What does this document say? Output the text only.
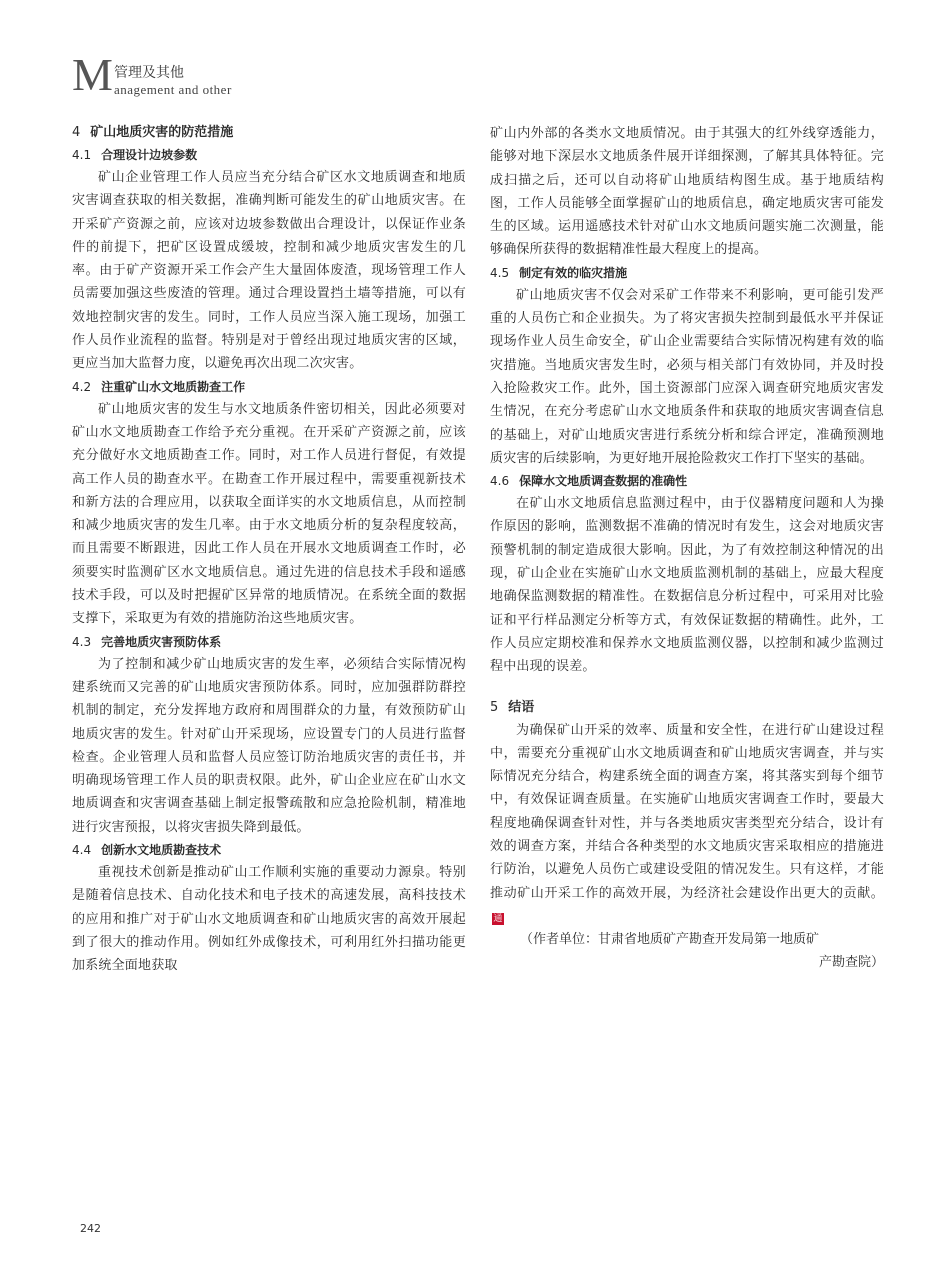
M 管理及其他
anagement and other

4 矿山地质灾害的防范措施

4.1 合理设计边坡参数

矿山企业管理工作人员应当充分结合矿区水文地质调查和地质灾害调查获取的相关数据，准确判断可能发生的矿山地质灾害。在开采矿产资源之前，应该对边坡参数做出合理设计，以保证作业条件的前提下，把矿区设置成缓坡，控制和减少地质灾害发生的几率。由于矿产资源开采工作会产生大量固体废渣，现场管理工作人员需要加强这些废渣的管理。通过合理设置挡土墙等措施，可以有效地控制灾害的发生。同时，工作人员应当深入施工现场，加强工作人员作业流程的监督。特别是对于曾经出现过地质灾害的区域，更应当加大监督力度，以避免再次出现二次灾害。

4.2 注重矿山水文地质勘查工作

矿山地质灾害的发生与水文地质条件密切相关，因此必须要对矿山水文地质勘查工作给予充分重视。在开采矿产资源之前，应该充分做好水文地质勘查工作。同时，对工作人员进行督促，有效提高工作人员的勘查水平。在勘查工作开展过程中，需要重视新技术和新方法的合理应用，以获取全面详实的水文地质信息，从而控制和减少地质灾害的发生几率。由于水文地质分析的复杂程度较高，而且需要不断跟进，因此工作人员在开展水文地质调查工作时，必须要实时监测矿区水文地质信息。通过先进的信息技术手段和遥感技术手段，可以及时把握矿区异常的地质情况。在系统全面的数据支撑下，采取更为有效的措施防治这些地质灾害。

4.3 完善地质灾害预防体系

为了控制和减少矿山地质灾害的发生率，必须结合实际情况构建系统而又完善的矿山地质灾害预防体系。同时，应加强群防群控机制的制定，充分发挥地方政府和周围群众的力量，有效预防矿山地质灾害的发生。针对矿山开采现场，应设置专门的人员进行监督检查。企业管理人员和监督人员应签订防治地质灾害的责任书，并明确现场管理工作人员的职责权限。此外，矿山企业应在矿山水文地质调查和灾害调查基础上制定报警疏散和应急抢险机制，精准地进行灾害预报，以将灾害损失降到最低。

4.4 创新水文地质勘查技术

重视技术创新是推动矿山工作顺利实施的重要动力源泉。特别是随着信息技术、自动化技术和电子技术的高速发展，高科技技术的应用和推广对于矿山水文地质调查和矿山地质灾害的高效开展起到了很大的推动作用。例如红外成像技术，可利用红外扫描功能更加系统全面地获取

矿山内外部的各类水文地质情况。由于其强大的红外线穿透能力，能够对地下深层水文地质条件展开详细探测，了解其具体特征。完成扫描之后，还可以自动将矿山地质结构图生成。基于地质结构图，工作人员能够全面掌握矿山的地质信息，确定地质灾害可能发生的区域。运用遥感技术针对矿山水文地质问题实施二次测量，能够确保所获得的数据精准性最大程度上的提高。

4.5 制定有效的临灾措施

矿山地质灾害不仅会对采矿工作带来不利影响，更可能引发严重的人员伤亡和企业损失。为了将灾害损失控制到最低水平并保证现场作业人员生命安全，矿山企业需要结合实际情况构建有效的临灾措施。当地质灾害发生时，必须与相关部门有效协同，并及时投入抢险救灾工作。此外，国土资源部门应深入调查研究地质灾害发生情况，在充分考虑矿山水文地质条件和获取的地质灾害调查信息的基础上，对矿山地质灾害进行系统分析和综合评定，准确预测地质灾害的后续影响，为更好地开展抢险救灾工作打下坚实的基础。

4.6 保障水文地质调查数据的准确性

在矿山水文地质信息监测过程中，由于仪器精度问题和人为操作原因的影响，监测数据不准确的情况时有发生，这会对地质灾害预警机制的制定造成很大影响。因此，为了有效控制这种情况的出现，矿山企业在实施矿山水文地质监测机制的基础上，应最大程度地确保监测数据的精准性。在数据信息分析过程中，可采用对比验证和平行样品测定分析等方式，有效保证数据的精确性。此外，工作人员应定期校准和保养水文地质监测仪器，以控制和减少监测过程中出现的误差。

5 结语

为确保矿山开采的效率、质量和安全性，在进行矿山建设过程中，需要充分重视矿山水文地质调查和矿山地质灾害调查，并与实际情况充分结合，构建系统全面的调查方案，将其落实到每个细节中，有效保证调查质量。在实施矿山地质灾害调查工作时，要最大程度地确保调查针对性，并与各类地质灾害类型充分结合，设计有效的调查方案，并结合各种类型的水文地质灾害采取相应的措施进行防治，以避免人员伤亡或建设受阻的情况发生。只有这样，才能推动矿山开采工作的高效开展，为经济社会建设作出更大的贡献。通

（作者单位：甘肃省地质矿产勘查开发局第一地质矿
产勘查院）

242
